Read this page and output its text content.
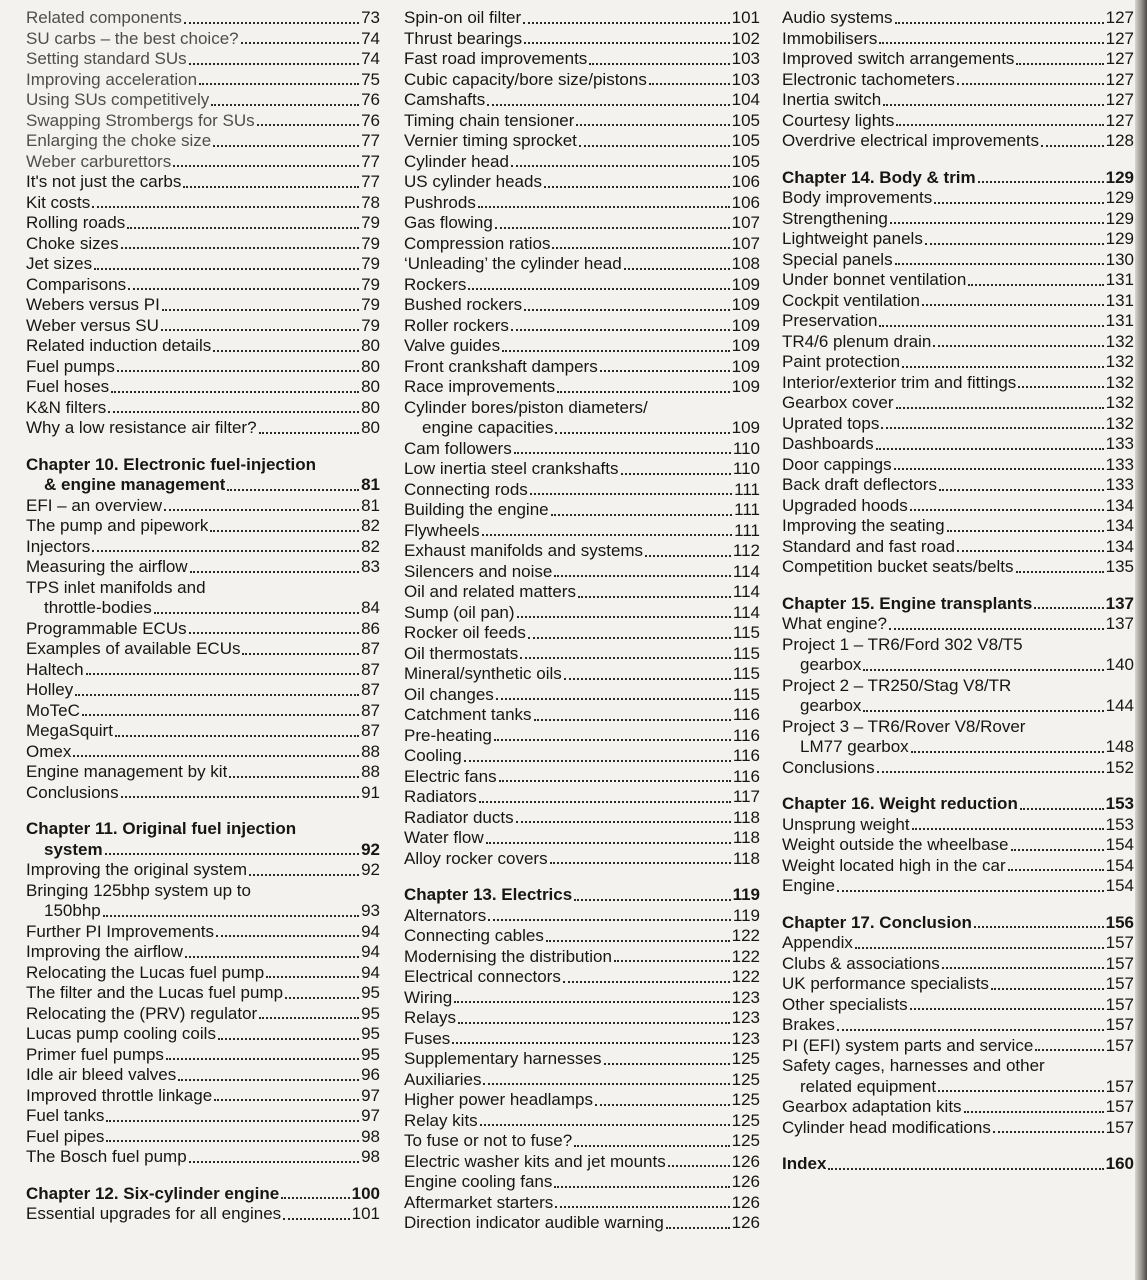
Related components	73
SU carbs – the best choice?	74
Setting standard SUs	74
Improving acceleration	75
Using SUs competitively	76
Swapping Strombergs for SUs	76
Enlarging the choke size	77
Weber carburettors	77
It's not just the carbs	77
Kit costs	78
Rolling roads	79
Choke sizes	79
Jet sizes	79
Comparisons	79
Webers versus PI	79
Weber versus SU	79
Related induction details	80
Fuel pumps	80
Fuel hoses	80
K&N filters	80
Why a low resistance air filter?	80
Chapter 10. Electronic fuel-injection
& engine management	81
EFI – an overview	81
The pump and pipework	82
Injectors	82
Measuring the airflow	83
TPS inlet manifolds and
throttle-bodies	84
Programmable ECUs	86
Examples of available ECUs	87
Haltech	87
Holley	87
MoTeC	87
MegaSquirt	87
Omex	88
Engine management by kit	88
Conclusions	91
Chapter 11. Original fuel injection
system	92
Improving the original system	92
Bringing 125bhp system up to
150bhp	93
Further PI Improvements	94
Improving the airflow	94
Relocating the Lucas fuel pump	94
The filter and the Lucas fuel pump	95
Relocating the (PRV) regulator	95
Lucas pump cooling coils	95
Primer fuel pumps	95
Idle air bleed valves	96
Improved throttle linkage	97
Fuel tanks	97
Fuel pipes	98
The Bosch fuel pump	98
Chapter 12. Six-cylinder engine	100
Essential upgrades for all engines	101
Spin-on oil filter	101
Thrust bearings	102
Fast road improvements	103
Cubic capacity/bore size/pistons	103
Camshafts	104
Timing chain tensioner	105
Vernier timing sprocket	105
Cylinder head	105
US cylinder heads	106
Pushrods	106
Gas flowing	107
Compression ratios	107
‘Unleading’ the cylinder head	108
Rockers	109
Bushed rockers	109
Roller rockers	109
Valve guides	109
Front crankshaft dampers	109
Race improvements	109
Cylinder bores/piston diameters/
engine capacities	109
Cam followers	110
Low inertia steel crankshafts	110
Connecting rods	111
Building the engine	111
Flywheels	111
Exhaust manifolds and systems	112
Silencers and noise	114
Oil and related matters	114
Sump (oil pan)	114
Rocker oil feeds	115
Oil thermostats	115
Mineral/synthetic oils	115
Oil changes	115
Catchment tanks	116
Pre-heating	116
Cooling	116
Electric fans	116
Radiators	117
Radiator ducts	118
Water flow	118
Alloy rocker covers	118
Chapter 13. Electrics	119
Alternators	119
Connecting cables	122
Modernising the distribution	122
Electrical connectors	122
Wiring	123
Relays	123
Fuses	123
Supplementary harnesses	125
Auxiliaries	125
Higher power headlamps	125
Relay kits	125
To fuse or not to fuse?	125
Electric washer kits and jet mounts	126
Engine cooling fans	126
Aftermarket starters	126
Direction indicator audible warning	126
Audio systems	127
Immobilisers	127
Improved switch arrangements	127
Electronic tachometers	127
Inertia switch	127
Courtesy lights	127
Overdrive electrical improvements	128
Chapter 14. Body & trim	129
Body improvements	129
Strengthening	129
Lightweight panels	129
Special panels	130
Under bonnet ventilation	131
Cockpit ventilation	131
Preservation	131
TR4/6 plenum drain	132
Paint protection	132
Interior/exterior trim and fittings	132
Gearbox cover	132
Uprated tops	132
Dashboards	133
Door cappings	133
Back draft deflectors	133
Upgraded hoods	134
Improving the seating	134
Standard and fast road	134
Competition bucket seats/belts	135
Chapter 15. Engine transplants	137
What engine?	137
Project 1 – TR6/Ford 302 V8/T5
gearbox	140
Project 2 – TR250/Stag V8/TR
gearbox	144
Project 3 – TR6/Rover V8/Rover
LM77 gearbox	148
Conclusions	152
Chapter 16. Weight reduction	153
Unsprung weight	153
Weight outside the wheelbase	154
Weight located high in the car	154
Engine	154
Chapter 17. Conclusion	156
Appendix	157
Clubs & associations	157
UK performance specialists	157
Other specialists	157
Brakes	157
PI (EFI) system parts and service	157
Safety cages, harnesses and other
related equipment	157
Gearbox adaptation kits	157
Cylinder head modifications	157
Index	160
